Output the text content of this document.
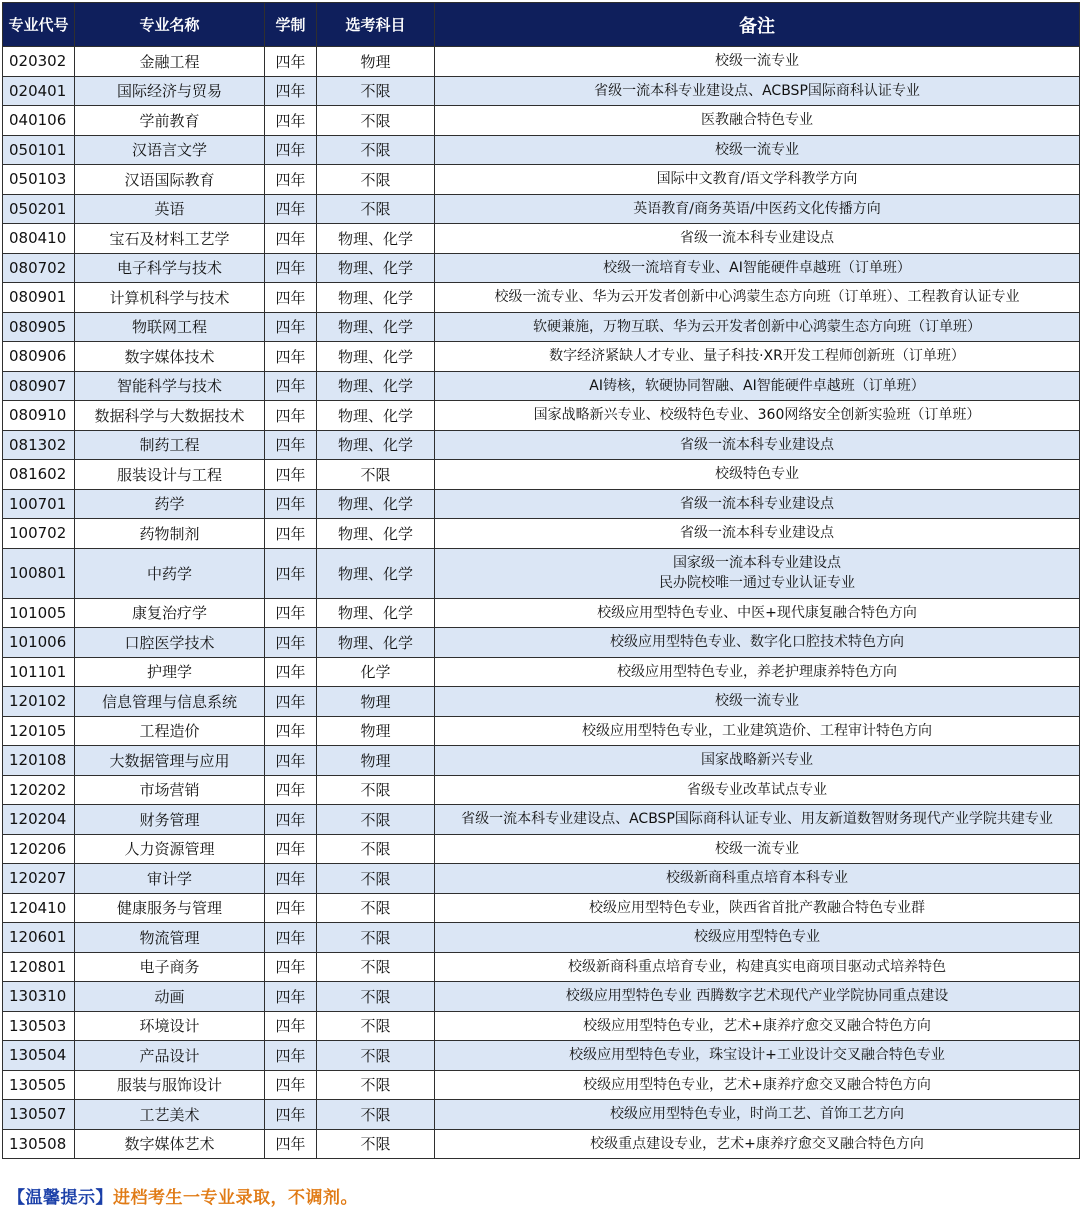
专业代号	专业名称	学制	选考科目	备注
020302	金融工程	四年	物理	校级一流专业

020401	国际经济与贸易	四年	不限	省级一流本科专业建设点、ACBSP国际商科认证专业

040106	学前教育	四年	不限	医教融合特色专业

050101	汉语言文学	四年	不限	校级一流专业

050103	汉语国际教育	四年	不限	国际中文教育/语文学科教学方向

050201	英语	四年	不限	英语教育/商务英语/中医药文化传播方向

080410	宝石及材料工艺学	四年	物理、化学	省级一流本科专业建设点

080702	电子科学与技术	四年	物理、化学	校级一流培育专业、AI智能硬件卓越班（订单班）

080901	计算机科学与技术	四年	物理、化学	校级一流专业、华为云开发者创新中心鸿蒙生态方向班（订单班）、工程教育认证专业

080905	物联网工程	四年	物理、化学	软硬兼施，万物互联、华为云开发者创新中心鸿蒙生态方向班（订单班）

080906	数字媒体技术	四年	物理、化学	数字经济紧缺人才专业、量子科技·XR开发工程师创新班（订单班）

080907	智能科学与技术	四年	物理、化学	AI铸核，软硬协同智融、AI智能硬件卓越班（订单班）

080910	数据科学与大数据技术	四年	物理、化学	国家战略新兴专业、校级特色专业、360网络安全创新实验班（订单班）

081302	制药工程	四年	物理、化学	省级一流本科专业建设点

081602	服装设计与工程	四年	不限	校级特色专业

100701	药学	四年	物理、化学	省级一流本科专业建设点

100702	药物制剂	四年	物理、化学	省级一流本科专业建设点

100801	中药学	四年	物理、化学	国家级一流本科专业建设点
民办院校唯一通过专业认证专业

101005	康复治疗学	四年	物理、化学	校级应用型特色专业、中医+现代康复融合特色方向

101006	口腔医学技术	四年	物理、化学	校级应用型特色专业、数字化口腔技术特色方向

101101	护理学	四年	化学	校级应用型特色专业，养老护理康养特色方向

120102	信息管理与信息系统	四年	物理	校级一流专业

120105	工程造价	四年	物理	校级应用型特色专业，工业建筑造价、工程审计特色方向

120108	大数据管理与应用	四年	物理	国家战略新兴专业

120202	市场营销	四年	不限	省级专业改革试点专业

120204	财务管理	四年	不限	省级一流本科专业建设点、ACBSP国际商科认证专业、用友新道数智财务现代产业学院共建专业

120206	人力资源管理	四年	不限	校级一流专业

120207	审计学	四年	不限	校级新商科重点培育本科专业

120410	健康服务与管理	四年	不限	校级应用型特色专业，陕西省首批产教融合特色专业群

120601	物流管理	四年	不限	校级应用型特色专业

120801	电子商务	四年	不限	校级新商科重点培育专业，构建真实电商项目驱动式培养特色

130310	动画	四年	不限	校级应用型特色专业 西腾数字艺术现代产业学院协同重点建设

130503	环境设计	四年	不限	校级应用型特色专业，艺术+康养疗愈交叉融合特色方向

130504	产品设计	四年	不限	校级应用型特色专业，珠宝设计+工业设计交叉融合特色专业

130505	服装与服饰设计	四年	不限	校级应用型特色专业，艺术+康养疗愈交叉融合特色方向

130507	工艺美术	四年	不限	校级应用型特色专业，时尚工艺、首饰工艺方向

130508	数字媒体艺术	四年	不限	校级重点建设专业，艺术+康养疗愈交叉融合特色方向
【温馨提示】进档考生一专业录取，不调剂。
